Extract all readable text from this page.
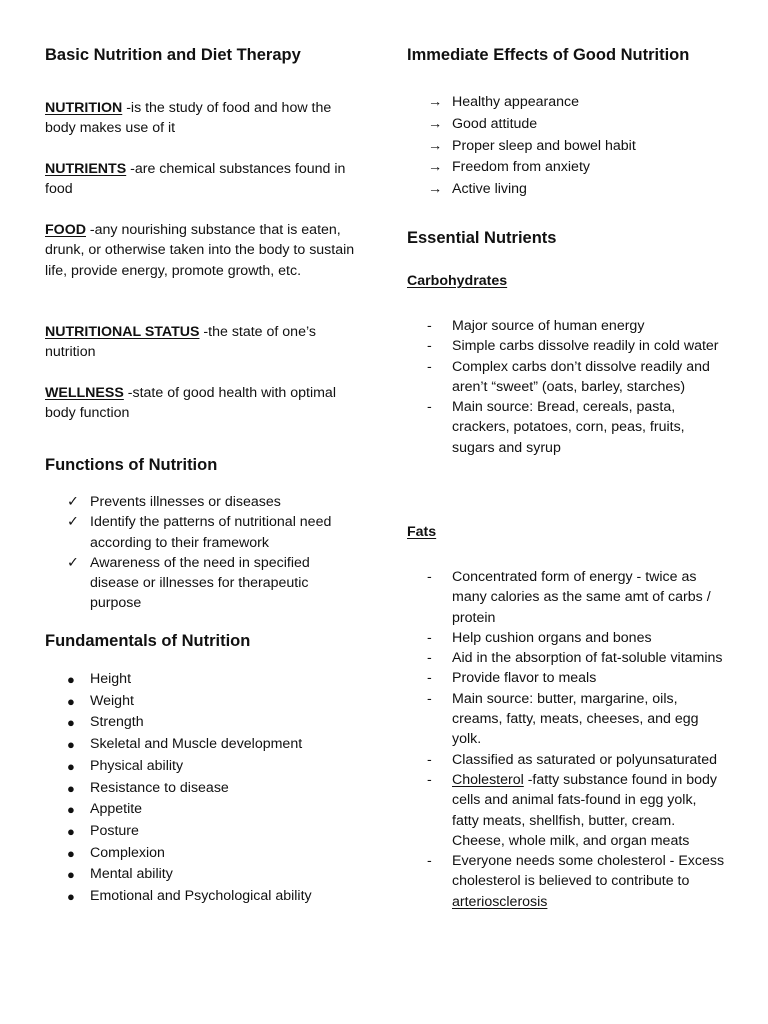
Basic Nutrition and Diet Therapy
NUTRITION -is the study of food and how the body makes use of it
NUTRIENTS -are chemical substances found in food
FOOD -any nourishing substance that is eaten, drunk, or otherwise taken into the body to sustain life, provide energy, promote growth, etc.
NUTRITIONAL STATUS -the state of one’s nutrition
WELLNESS -state of good health with optimal body function
Functions of Nutrition
✓ Prevents illnesses or diseases
✓ Identify the patterns of nutritional need according to their framework
✓ Awareness of the need in specified disease or illnesses for therapeutic purpose
Fundamentals of Nutrition
●	Height
●	Weight
●	Strength
●	Skeletal and Muscle development
●	Physical ability
●	Resistance to disease
●	Appetite
●	Posture
●	Complexion
●	Mental ability
●	Emotional and Psychological ability
Immediate Effects of Good Nutrition
→ Healthy appearance
→ Good attitude
→ Proper sleep and bowel habit
→ Freedom from anxiety
→ Active living
Essential Nutrients
Carbohydrates
-	Major source of human energy
-	Simple carbs dissolve readily in cold water
-	Complex carbs don’t dissolve readily and aren’t “sweet” (oats, barley, starches)
-	Main source: Bread, cereals, pasta, crackers, potatoes, corn, peas, fruits, sugars and syrup
Fats
-	Concentrated form of energy - twice as many calories as the same amt of carbs / protein
-	Help cushion organs and bones
-	Aid in the absorption of fat-soluble vitamins
-	Provide flavor to meals
-	Main source: butter, margarine, oils, creams, fatty, meats, cheeses, and egg yolk.
-	Classified as saturated or polyunsaturated
-	Cholesterol -fatty substance found in body cells and animal fats-found in egg yolk, fatty meats, shellfish, butter, cream. Cheese, whole milk, and organ meats
-	Everyone needs some cholesterol - Excess cholesterol is believed to contribute to arteriosclerosis
